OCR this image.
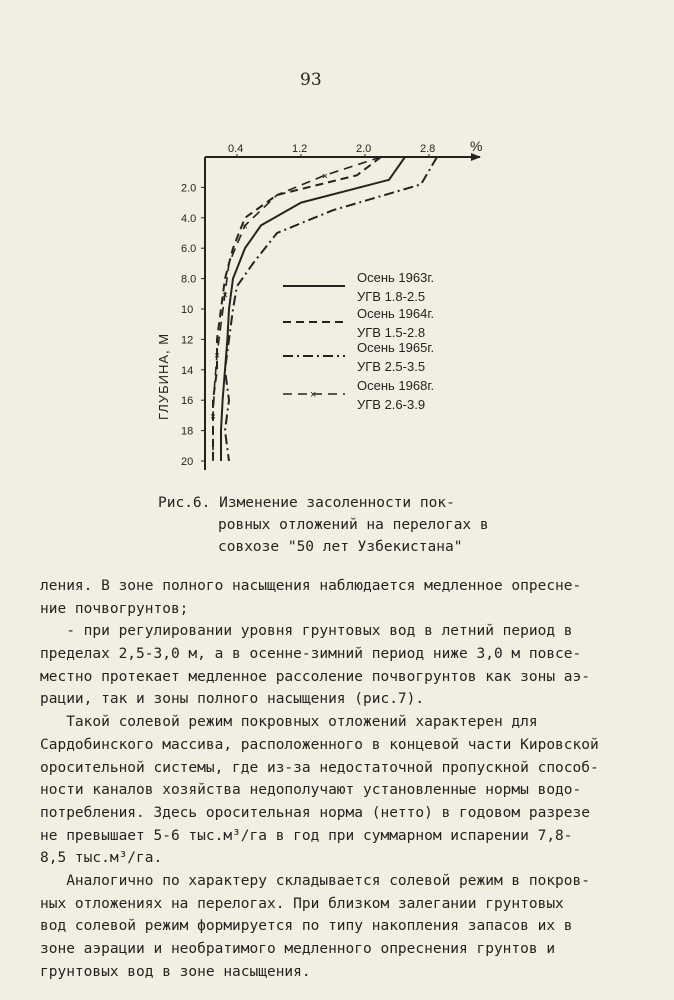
93
0.4	1.2	2.0	2.8 %
2.0
4.0
6.0
8.0
10
12
14
16
18
20
ГЛУБИНА, М
×
×
×
×
×
Осень 1963г.
УГВ 1.8-2.5
Осень 1964г.
УГВ 1.5-2.8
Осень 1965г.
УГВ 2.5-3.5
×
Осень 1968г.
УГВ 2.6-3.9
Рис.6. Изменение засоленности пок-
ровных отложений на перелогах в
совхозе "50 лет Узбекистана"
ления. В зоне полного насыщения наблюдается медленное опресне-
ние почвогрунтов;
- при регулировании уровня грунтовых вод в летний период в
пределах 2,5-3,0 м, а в осенне-зимний период ниже 3,0 м повсе-
местно протекает медленное рассоление почвогрунтов как зоны аэ-
рации, так и зоны полного насыщения (рис.7).
Такой солевой режим покровных отложений характерен для
Сардобинского массива, расположенного в концевой части Кировской
оросительной системы, где из-за недостаточной пропускной способ-
ности каналов хозяйства недополучают установленные нормы водо-
потребления. Здесь оросительная норма (нетто) в годовом разрезе
не превышает 5-6 тыс.м³/га в год при суммарном испарении 7,8-
8,5 тыс.м³/га.
Аналогично по характеру складывается солевой режим в покров-
ных отложениях на перелогах. При близком залегании грунтовых
вод солевой режим формируется по типу накопления запасов их в
зоне аэрации и необратимого медленного опреснения грунтов и
грунтовых вод в зоне насыщения.
